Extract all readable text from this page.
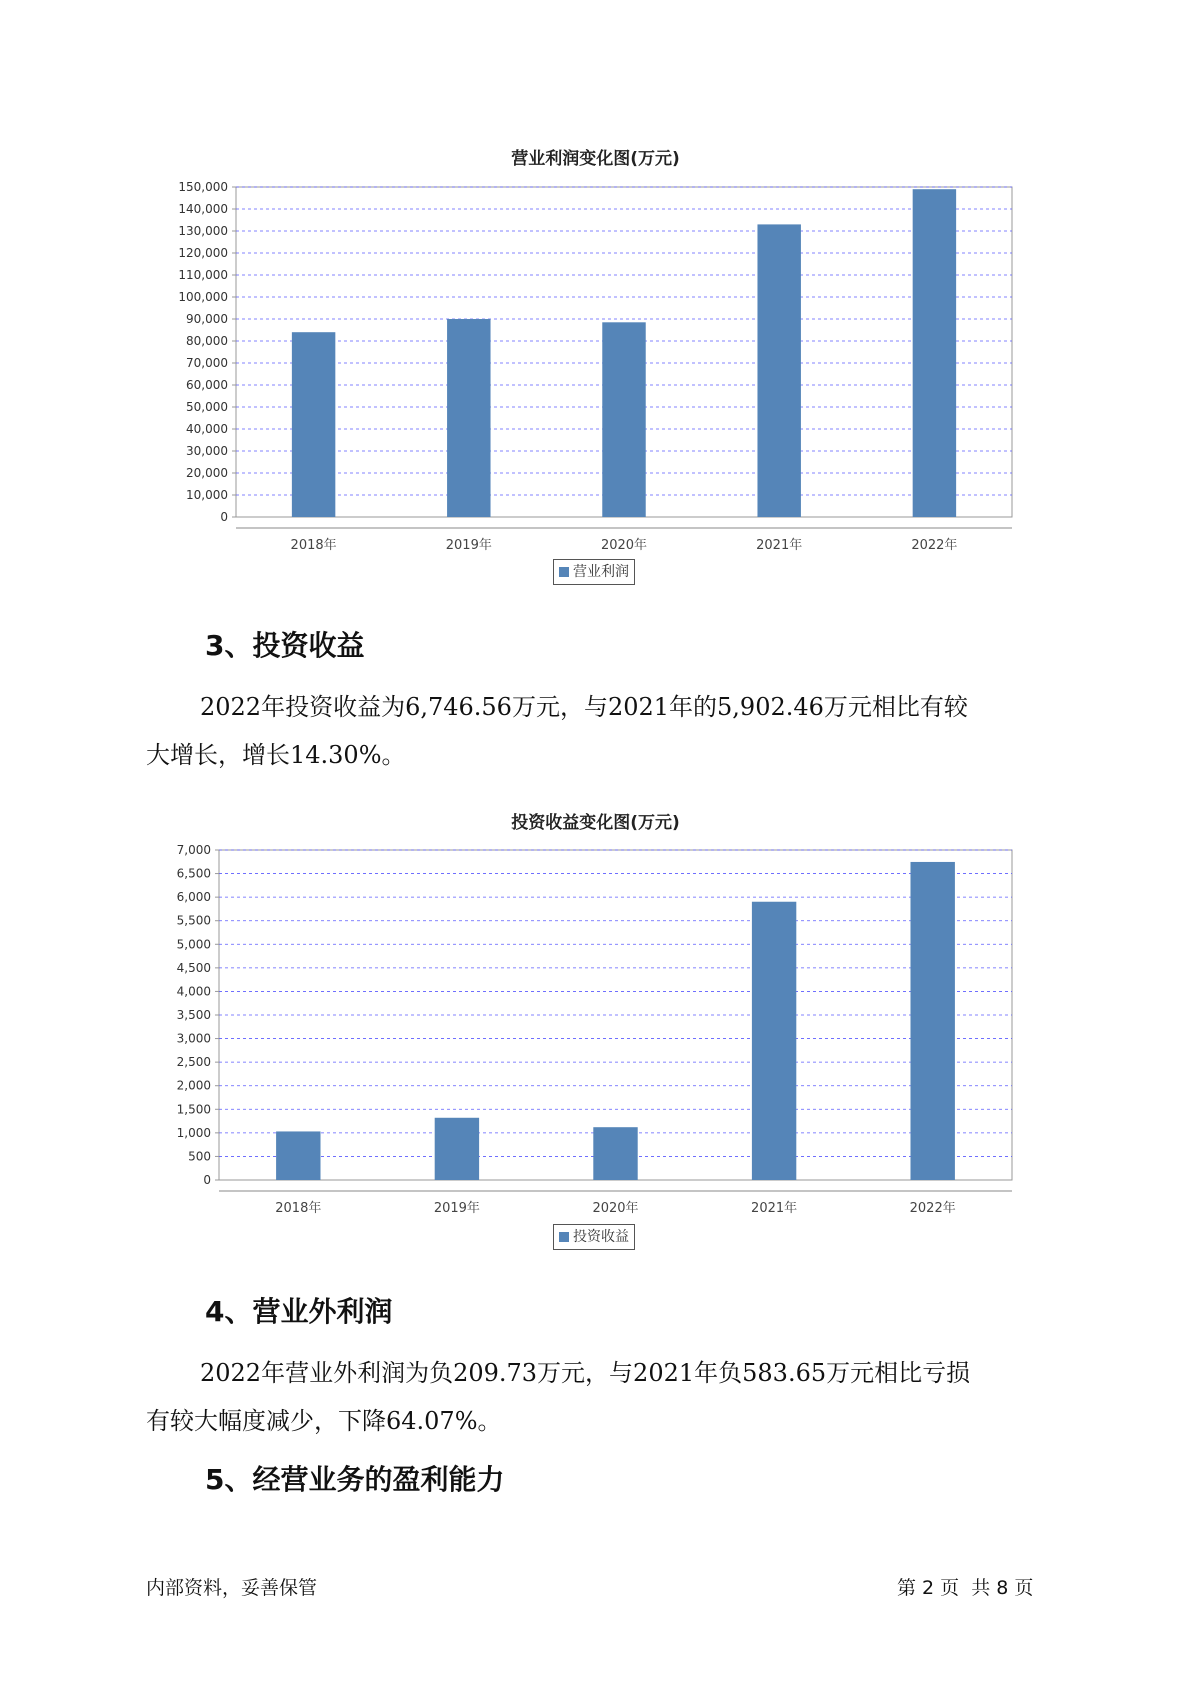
营业利润变化图(万元)
0
10,000
20,000
30,000
40,000
50,000
60,000
70,000
80,000
90,000
100,000
110,000
120,000
130,000
140,000
150,000
2018年	2019年	2020年	2021年	2022年
营业利润
3、投资收益
2022年投资收益为6,746.56万元，与2021年的5,902.46万元相比有较
大增长，增长14.30%。
投资收益变化图(万元)
0
500
1,000
1,500
2,000
2,500
3,000
3,500
4,000
4,500
5,000
5,500
6,000
6,500
7,000
2018年	2019年	2020年	2021年	2022年
投资收益
4、营业外利润
2022年营业外利润为负209.73万元，与2021年负583.65万元相比亏损
有较大幅度减少，下降64.07%。
5、经营业务的盈利能力
内部资料，妥善保管	第 2 页  共 8 页
